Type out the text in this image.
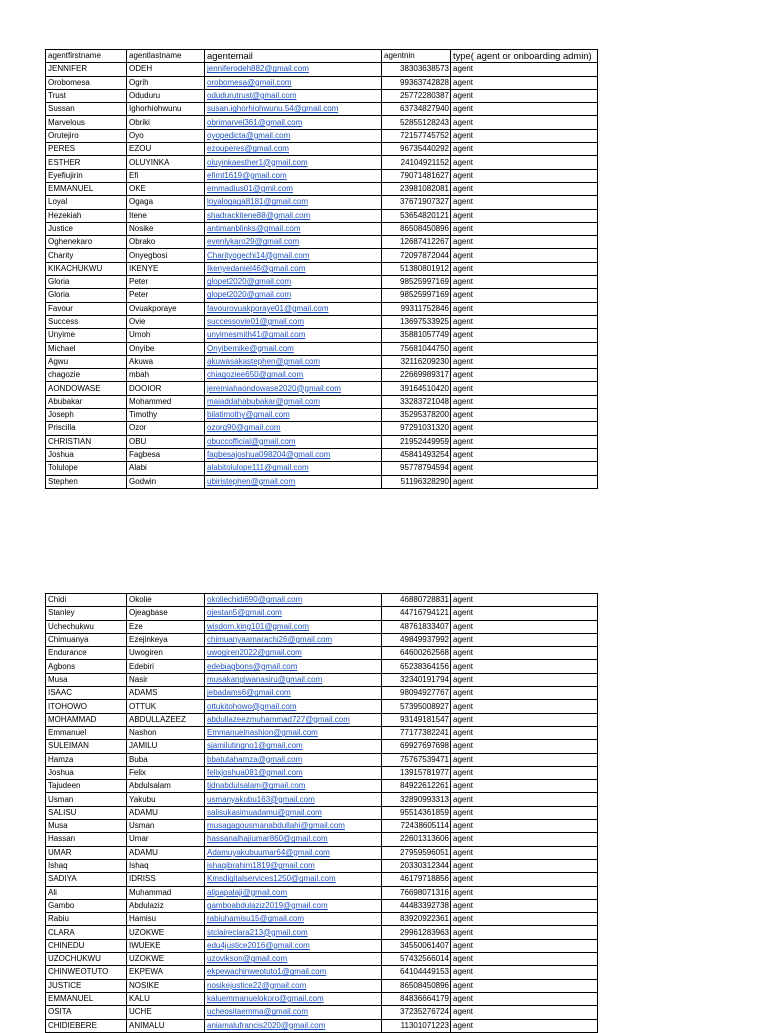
agentfirstname	agentlastname	agentemail	agentnin	type( agent or onboarding admin)
JENNIFER	ODEH	jenniferodeh882@gmail.com	38303638573	agent
Orobomesa	Ogrih	orobomesa@gmail.com	99363742828	agent
Trust	Oduduru	odudurutrust@gmail.com	25772280387	agent
Sussan	Ighorhiohwunu	susan.ighorhiohwunu.54@gmail.com	63734827940	agent
Marvelous	Obriki	obrimarvel361@gmail.com	52855128243	agent
Orutejiro	Oyo	oyopedicta@gmail.com	72157745752	agent
PERES	EZOU	ezouperes@gmail.com	96735440292	agent
ESTHER	OLUYINKA	oluyinkaesther1@gmail.com	24104921152	agent
Eyefiujirin	Efi	efimt1619@gmail.com	79071481627	agent
EMMANUEL	OKE	emmadius01@gmil.com	23981082081	agent
Loyal	Ogaga	loyalogaga8181@gmail.com	37671907327	agent
Hezekiah	Itene	shadrackitene88@gmail.com	53654820121	agent
Justice	Nosike	antimanblinks@gmail.com	86508450896	agent
Oghenekaro	Obrako	evenlykaro29@gmail.com	12687412267	agent
Charity	Onyegbosi	Charityogechi14@gmail.com	72097872044	agent
KIKACHUKWU	IKENYE	Ikenyedaniel46@gmail.com	51380801912	agent
Gloria	Peter	glopet2020@gmail.com	98525997169	agent
Gloria	Peter	glopet2020@gmail.com	98525997169	agent
Favour	Ovuakporaye	favourovuakporaye01@gmail.com	99311752846	agent
Success	Ovie	successovie01@gmail.com	13697533925	agent
Unyime	Umoh	unyimesmith41@gmail.com	35881057749	agent
Michael	Onyibe	Onyibemike@gmail.com	75681044750	agent
Agwu	Akuwa	akuwasakastephen@gmail.com	32116209230	agent
chagozie	mbah	chiagoziee650@gmail.com	22669989317	agent
AONDOWASE	DOOIOR	jeremiahaondowase2020@gmail.com	39164510420	agent
Abubakar	Mohammed	maiaddahabubakar@gmail.com	33283721048	agent
Joseph	Timothy	bilatimothy@gmail.com	35295378200	agent
Priscilla	Ozor	ozorg90@gmail.com	97291031320	agent
CHRISTIAN	OBU	obuccofficial@gmail.com	21952449959	agent
Joshua	Fagbesa	fagbesajoshua098204@gmail.com	45841493254	agent
Tolulope	Alabi	alabitolulope111@gmail.com	95778794594	agent
Stephen	Godwin	ubiristephen@gmail.com	51196328290	agent
Chidi	Okolie	okoliechidi690@gmail.com	46880728831	agent
Stanley	Ojeagbase	ojestan5@gmail.com	44716794121	agent
Uchechukwu	Eze	wisdom.king101@gmail.com	48761833407	agent
Chimuanya	Ezejinkeya	chimuanyaamarachi26@gmail.com	49849937992	agent
Endurance	Uwogiren	uwogiren2022@gmail.com	64600262568	agent
Agbons	Edebiri	edebiagbons@gmail.com	65238364156	agent
Musa	Nasir	musakangiwanasiru@gmail.com	32340191794	agent
ISAAC	ADAMS	jebadams6@gmail.com	98094927767	agent
ITOHOWO	OTTUK	ottukitohowo@gmail.com	57395008927	agent
MOHAMMAD	ABDULLAZEEZ	abdullazeezmuhammad727@gmail.com	93149181547	agent
Emmanuel	Nashon	Emmanuelnashion@gmail.com	77177382241	agent
SULEIMAN	JAMILU	sjamilutingno1@gmail.com	69927697698	agent
Hamza	Buba	bbatutahamza@gmail.com	75767539471	agent
Joshua	Felix	felixjoshua081@gmail.com	13915781977	agent
Tajudeen	Abdulsalam	tjdnabdulsalam@gmail.com	84922612261	agent
Usman	Yakubu	usmanyakubu163@gmail.com	32890993313	agent
SALISU	ADAMU	salisukasimuadamu@gmail.com	95514361859	agent
Musa	Usman	musagagousmanabdullahi@gmail.com	72438605114	agent
Hassan	Umar	hassanalhajiumar860@gmail.com	22601313606	agent
UMAR	ADAMU	Adamuyakubuumar64@gmail.com	27959596051	agent
Ishaq	Ishaq	ishaqibrahim1819@gmail.com	20330312344	agent
SADIYA	IDRISS	Kmsdigitalservices1250@gmail.com	46179718856	agent
Ali	Muhammad	alipapalaji@gmail.com	76698071316	agent
Gambo	Abdulaziz	gamboabdulaziz2019@gmail.com	44483392738	agent
Rabiu	Hamisu	rabiuhamisu15@gmail.com	83920922361	agent
CLARA	UZOKWE	stclaireclara213@gmail.com	29961283963	agent
CHINEDU	IWUEKE	edu4justice2016@gmail.com	34550061407	agent
UZOCHUKWU	UZOKWE	uzovikson@gmail.com	57432566014	agent
CHINWEOTUTO	EKPEWA	ekpewachinweotuto1@gmail.com	64104449153	agent
JUSTICE	NOSIKE	nosikejustice22@gmail.com	86508450896	agent
EMMANUEL	KALU	kaluemmanuelokoro@gmail.com	84836664179	agent
OSITA	UCHE	ucheositaemma@gmail.com	37235276724	agent
CHIDIEBERE	ANIMALU	aniamalufrancis2020@gmail.com	11301071223	agent
